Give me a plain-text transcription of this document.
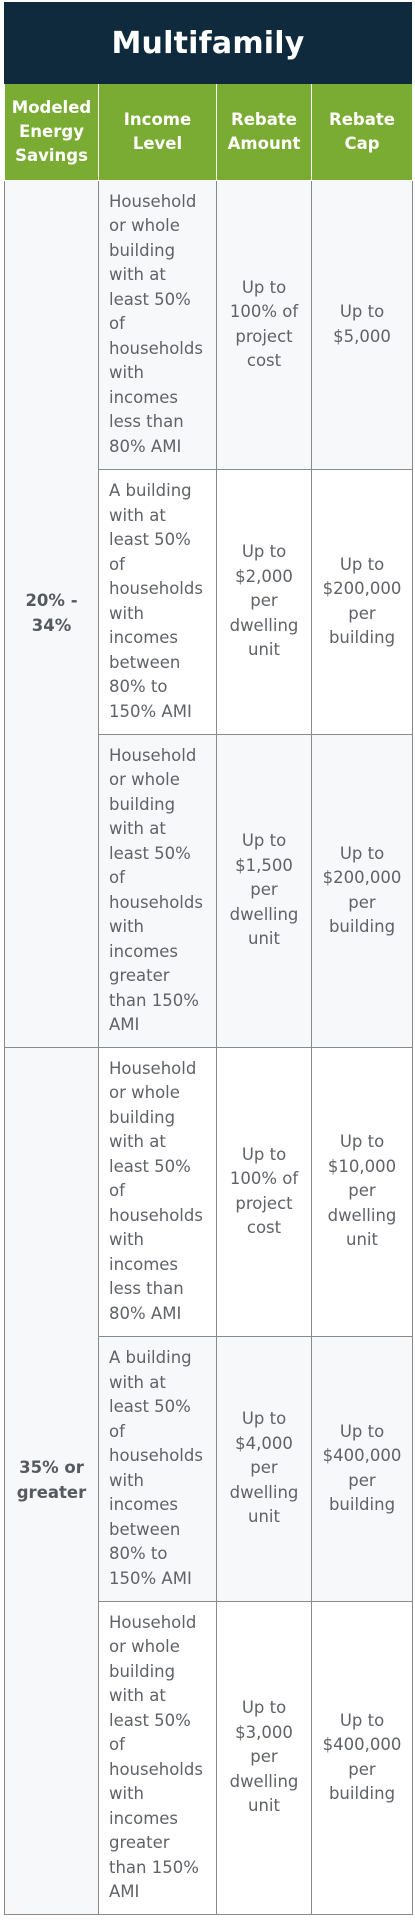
Multifamily
Modeled Energy Savings	Income Level	Rebate Amount	Rebate Cap
20% - 34%	Household or whole building with at least 50% of households with incomes less than 80% AMI	Up to 100% of project cost	Up to $5,000
	A building with at least 50% of households with incomes between 80% to 150% AMI	Up to $2,000 per dwelling unit	Up to $200,000 per building
	Household or whole building with at least 50% of households with incomes greater than 150% AMI	Up to $1,500 per dwelling unit	Up to $200,000 per building
35% or greater	Household or whole building with at least 50% of households with incomes less than 80% AMI	Up to 100% of project cost	Up to $10,000 per dwelling unit
	A building with at least 50% of households with incomes between 80% to 150% AMI	Up to $4,000 per dwelling unit	Up to $400,000 per building
	Household or whole building with at least 50% of households with incomes greater than 150% AMI	Up to $3,000 per dwelling unit	Up to $400,000 per building
